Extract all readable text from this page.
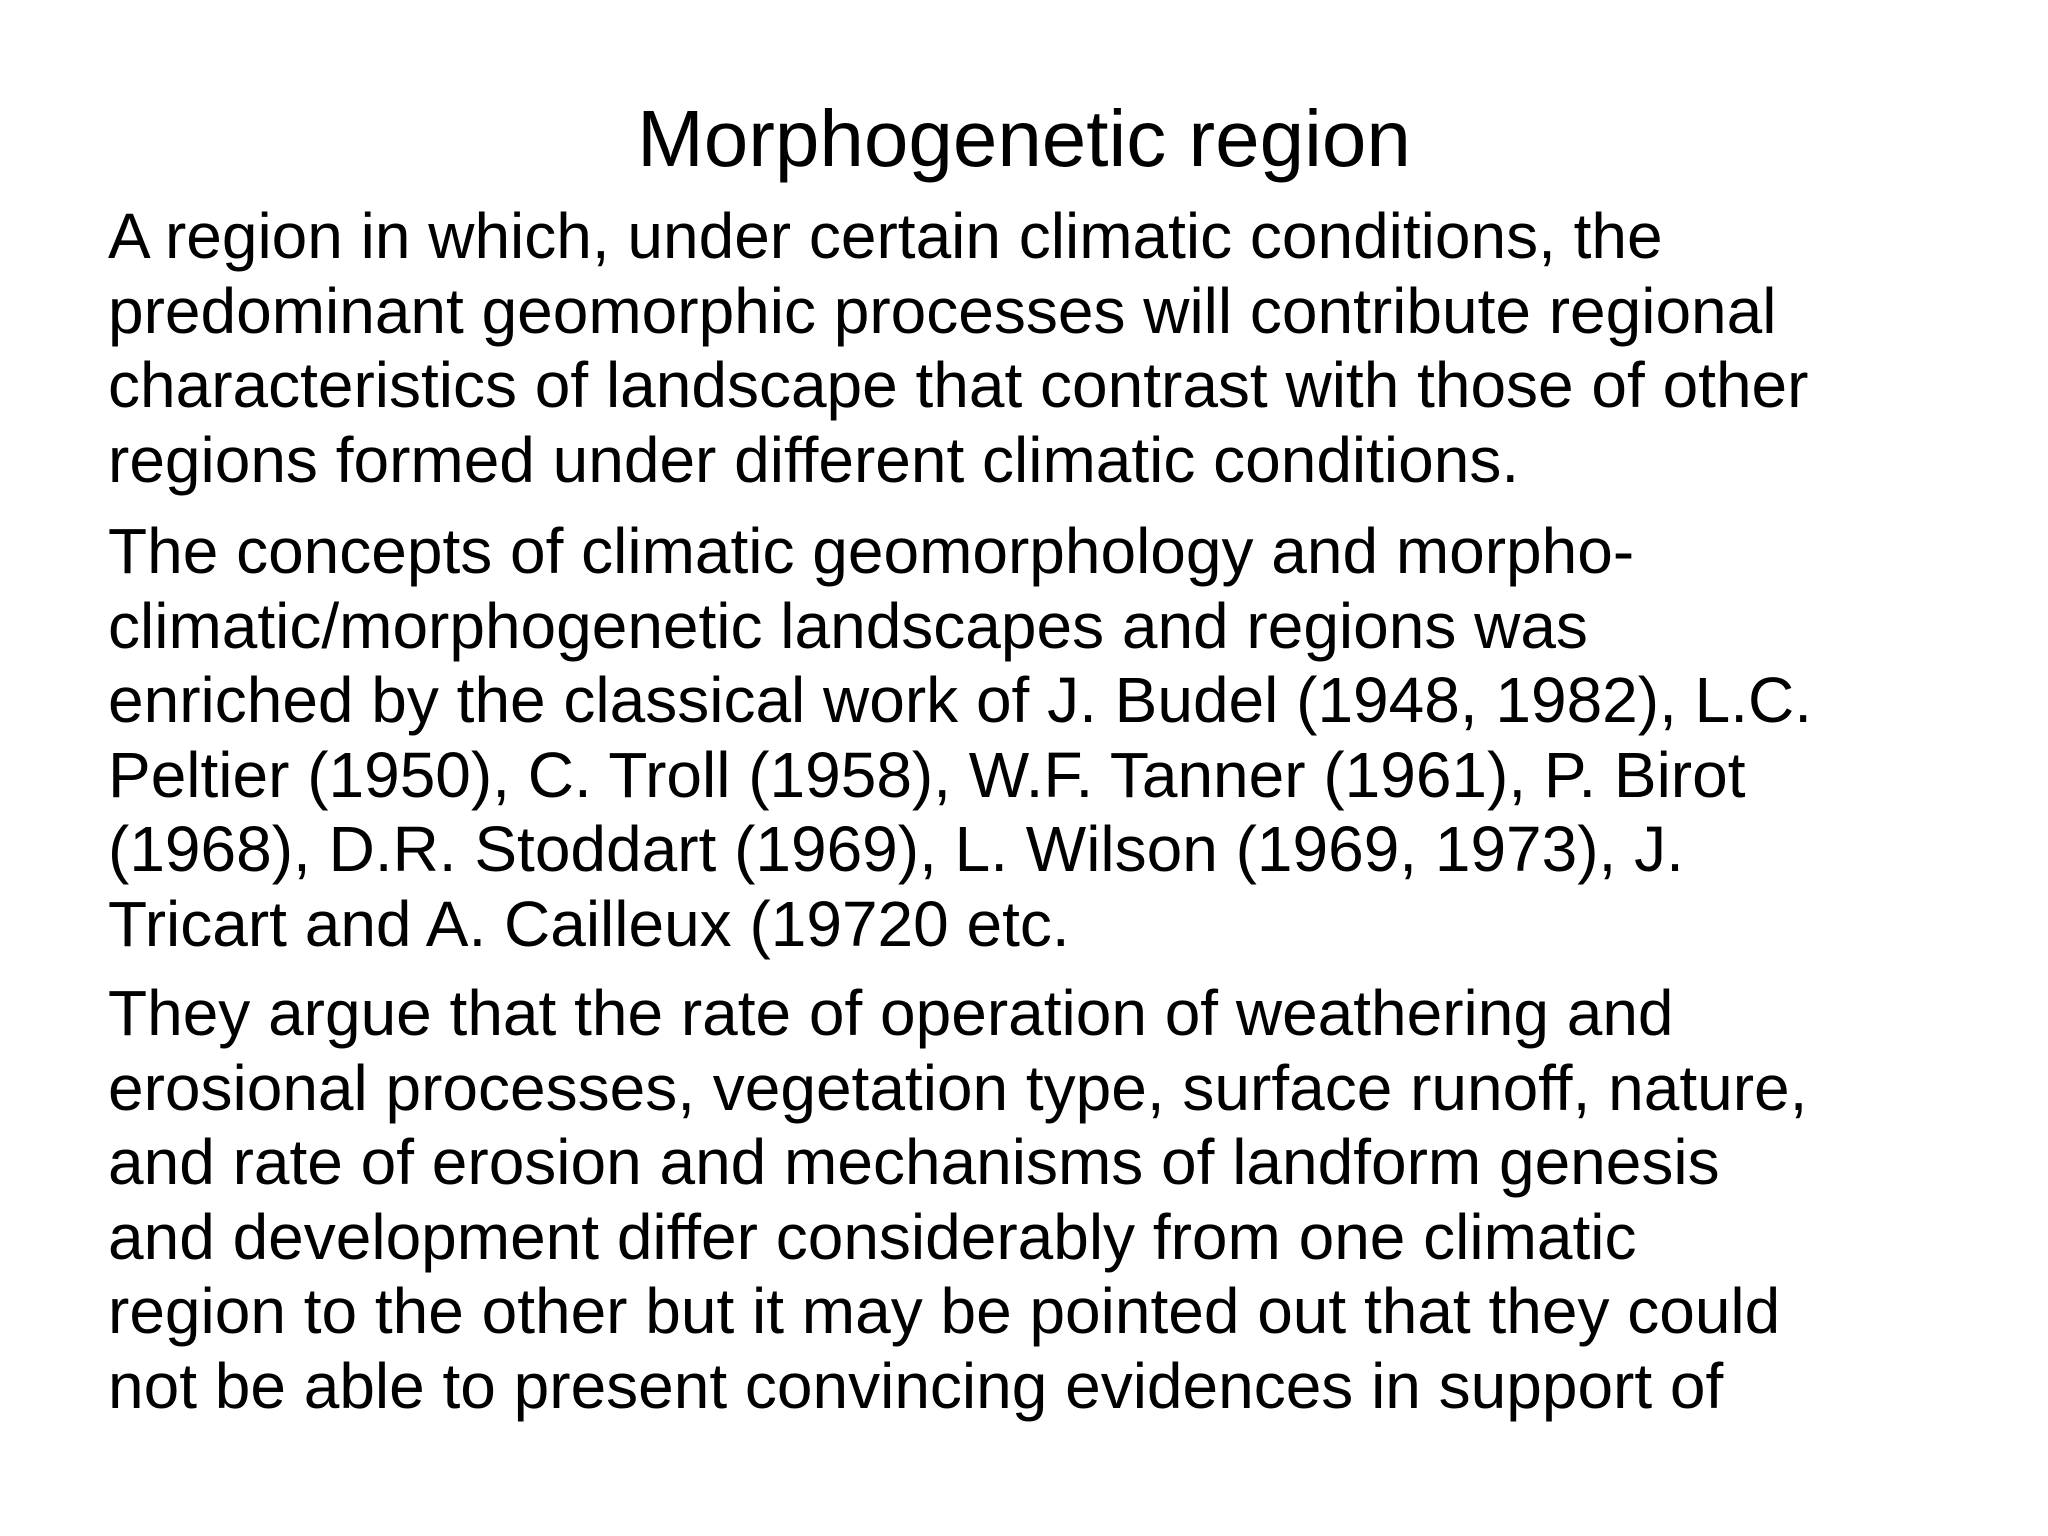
Morphogenetic region
A region in which, under certain climatic conditions, the
predominant geomorphic processes will contribute regional
characteristics of landscape that contrast with those of other
regions formed under different climatic conditions.
The concepts of climatic geomorphology and morpho-
climatic/morphogenetic landscapes and regions was
enriched by the classical work of J. Budel (1948, 1982), L.C.
Peltier (1950), C. Troll (1958), W.F. Tanner (1961), P. Birot
(1968), D.R. Stoddart (1969), L. Wilson (1969, 1973), J.
Tricart and A. Cailleux (19720 etc.
They argue that the rate of operation of weathering and
erosional processes, vegetation type, surface runoff, nature,
and rate of erosion and mechanisms of landform genesis
and development differ considerably from one climatic
region to the other but it may be pointed out that they could
not be able to present convincing evidences in support of
